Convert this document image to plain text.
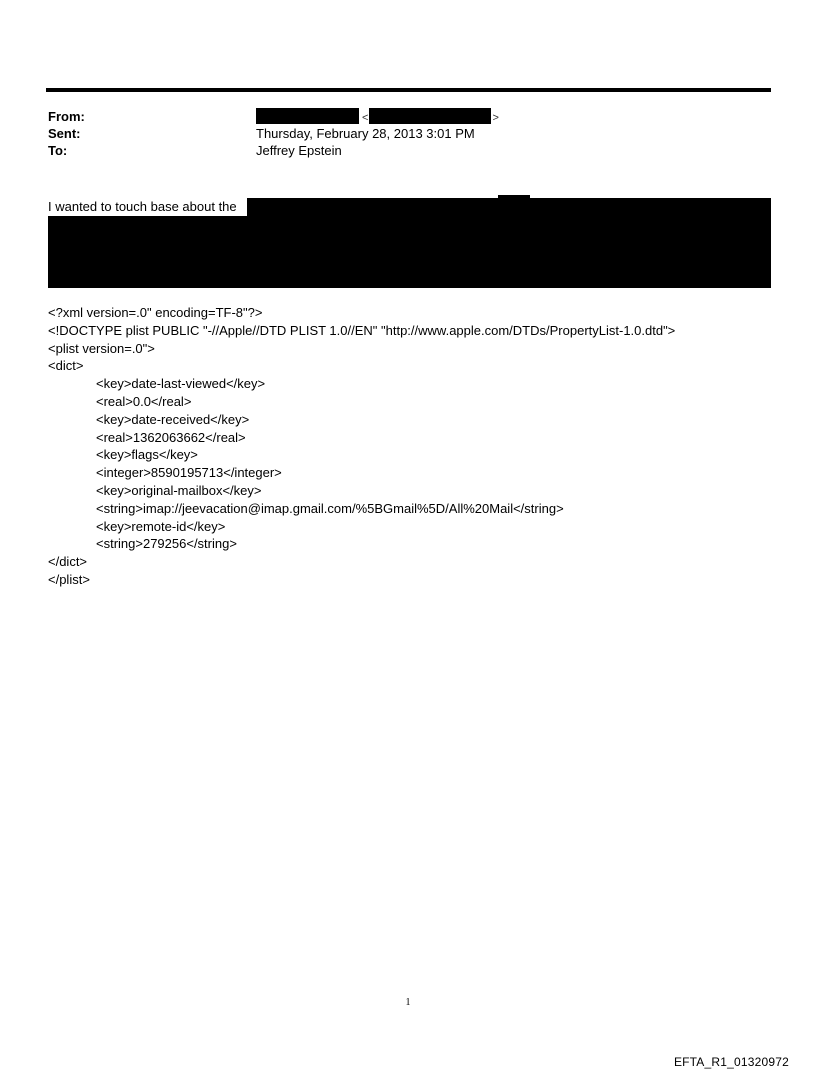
From:	<	>
Sent:	Thursday, February 28, 2013 3:01 PM
To:	Jeffrey Epstein
I wanted to touch base about the
<?xml version=.0" encoding=TF-8"?>
<!DOCTYPE plist PUBLIC "-//Apple//DTD PLIST 1.0//EN" "http://www.apple.com/DTDs/PropertyList-1.0.dtd">
<plist version=.0">
<dict>
<key>date-last-viewed</key>
<real>0.0</real>
<key>date-received</key>
<real>1362063662</real>
<key>flags</key>
<integer>8590195713</integer>
<key>original-mailbox</key>
<string>imap://jeevacation@imap.gmail.com/%5BGmail%5D/All%20Mail</string>
<key>remote-id</key>
<string>279256</string>
</dict>
</plist>
1
EFTA_R1_01320972
